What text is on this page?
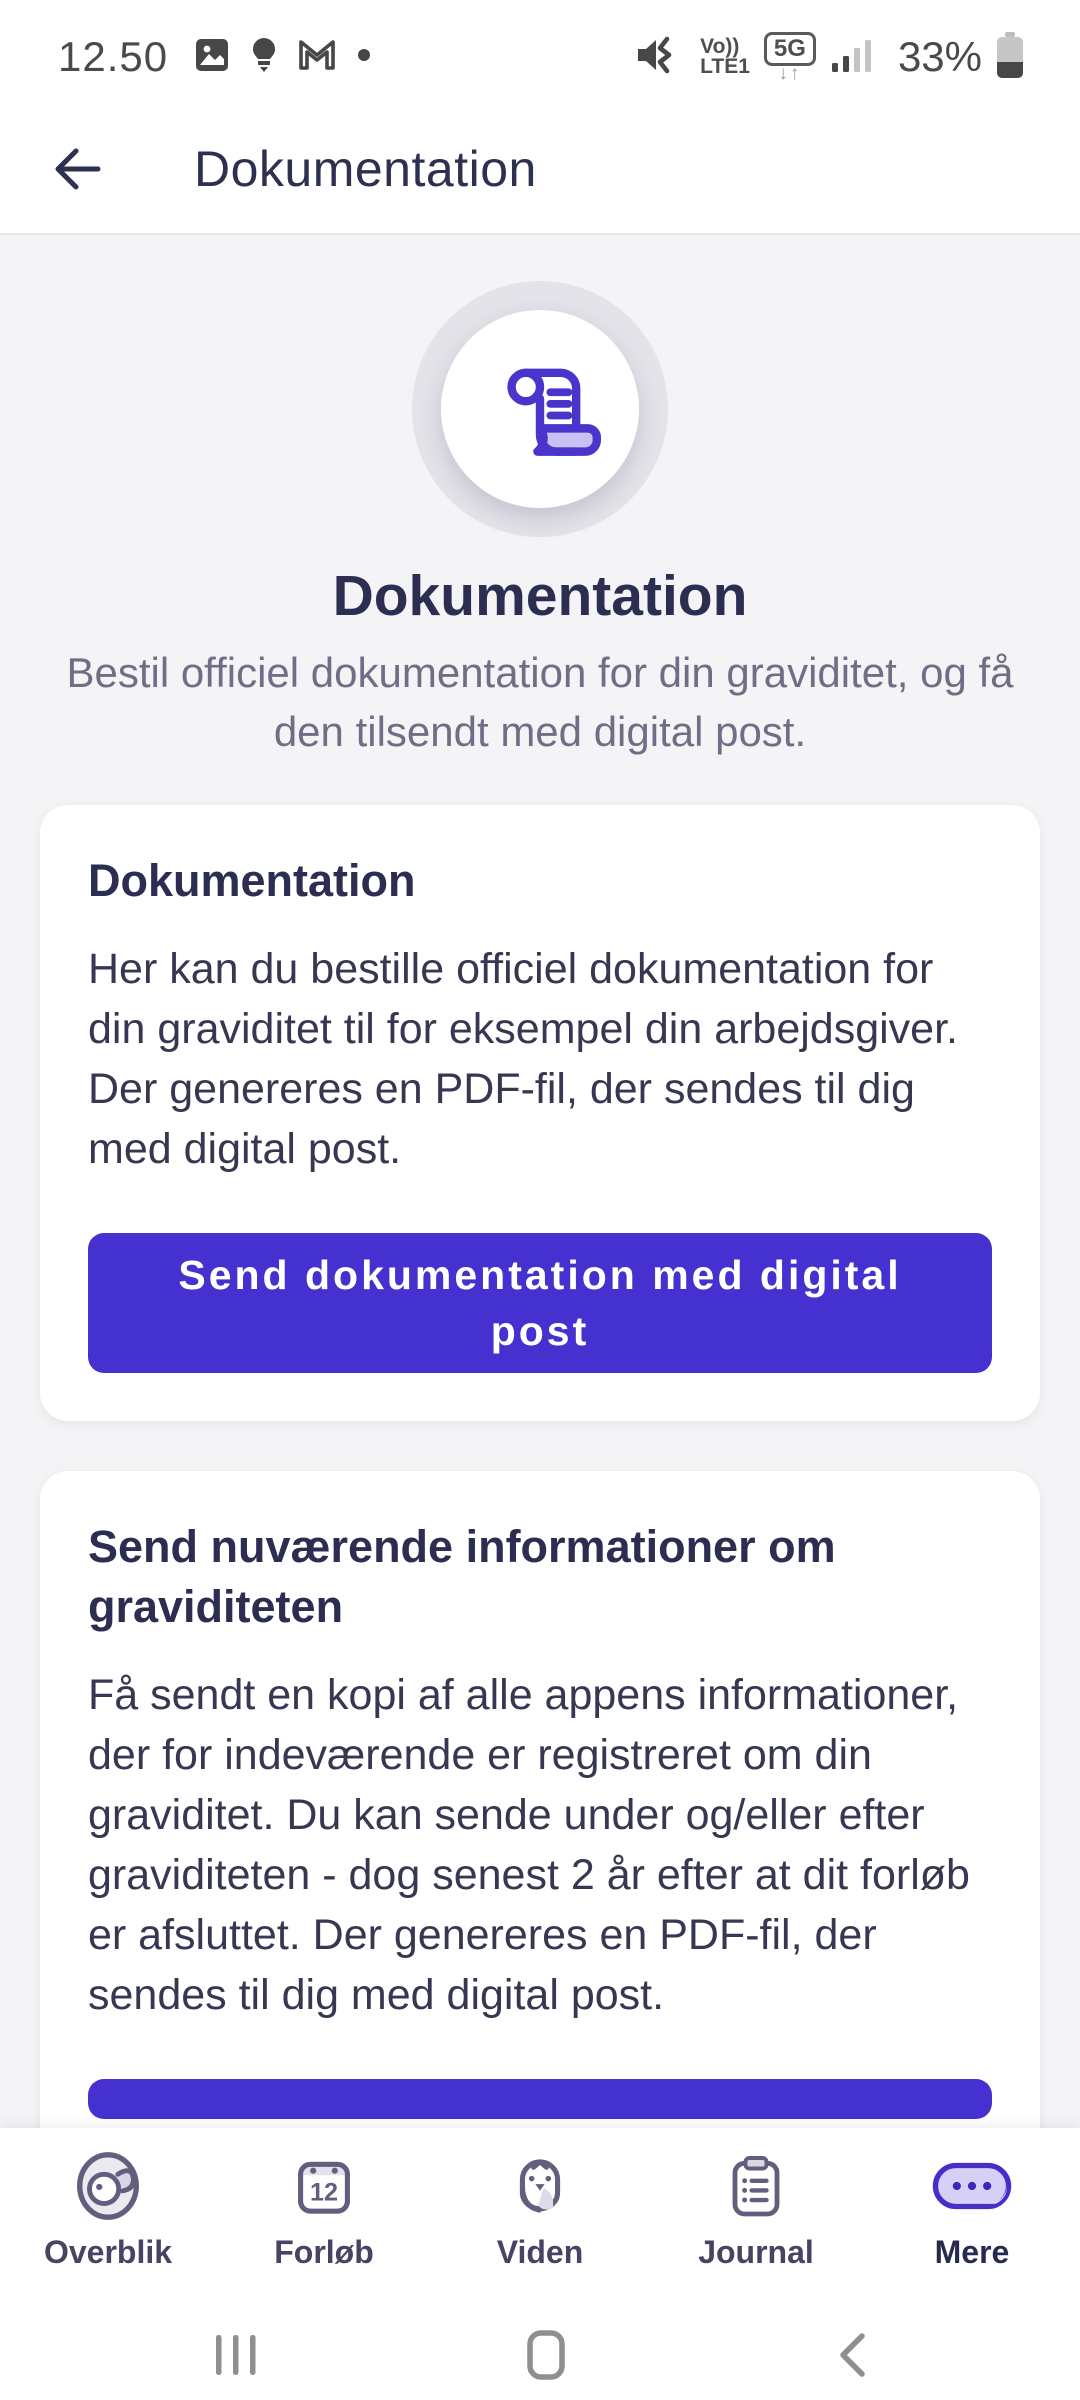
12.50	Vo))
LTE1
5G
↓↑ 33%
Dokumentation
Dokumentation
Bestil officiel dokumentation for din graviditet, og få den tilsendt med digital post.
Dokumentation
Her kan du bestille officiel dokumentation for din graviditet til for eksempel din arbejdsgiver. Der genereres en PDF-fil, der sendes til dig med digital post.
Send dokumentation med digital post
Send nuværende informationer om graviditeten
Få sendt en kopi af alle appens informationer, der for indeværende er registreret om din graviditet. Du kan sende under og/eller efter graviditeten - dog senest 2 år efter at dit forløb er afsluttet. Der genereres en PDF-fil, der sendes til dig med digital post.
Overblik
12
Forløb	Viden	Journal	Mere
